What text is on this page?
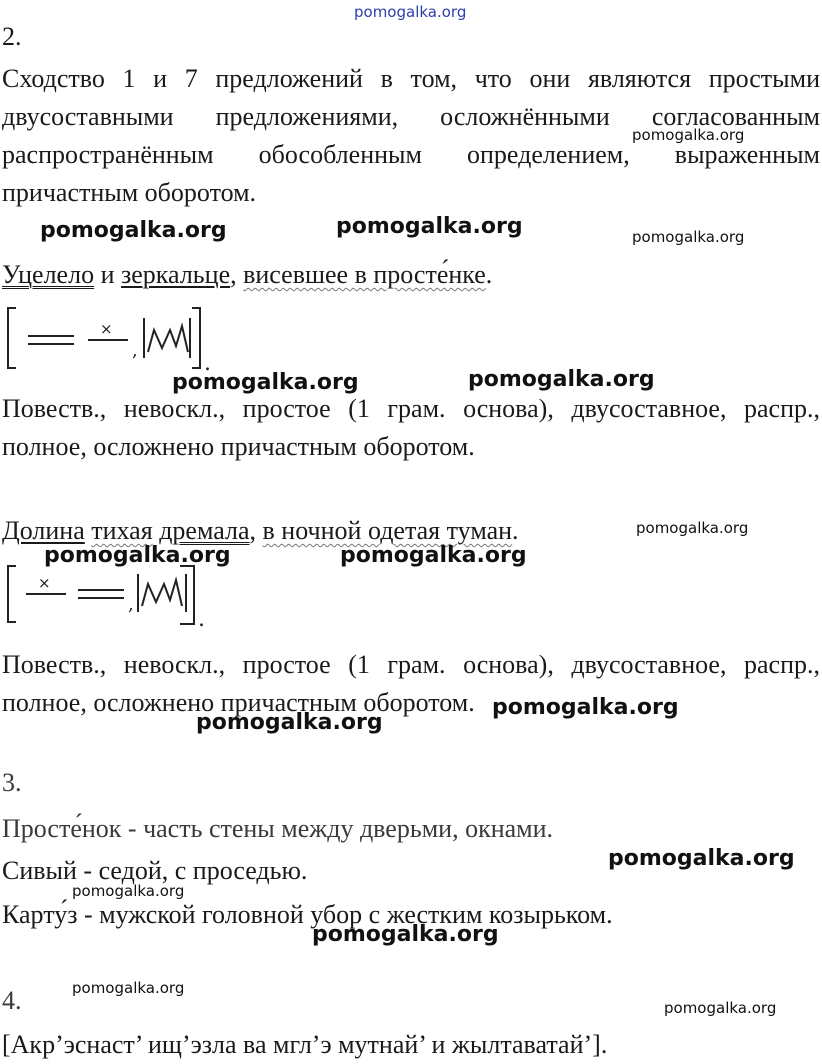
pomogalka.org
2.
Сходство 1 и 7 предложений в том, что они являются простыми
двусоставными предложениями, осложнёнными согласованным
распространённым обособленным определением, выраженным
причастным оборотом.
Уцелело и зеркальце, висевшее в просте́нке.
×
,
.
Повеств., невоскл., простое (1 грам. основа), двусоставное, распр.,
полное, осложнено причастным оборотом.
Долина тихая дремала, в ночной одетая туман.
×
,
.
Повеств., невоскл., простое (1 грам. основа), двусоставное, распр.,
полное, осложнено причастным оборотом.
3.
Просте́нок - часть стены между дверьми, окнами.
Сивый - седой, с проседью.
Карту́з - мужской головной убор с жестким козырьком.
4.
[Акр’эснаст’ ищ’эзла ва мгл’э мутнай’ и жылтаватай’].
pomogalka.org
pomogalka.org	pomogalka.org	pomogalka.org
pomogalka.org	pomogalka.org
pomogalka.org
pomogalka.org	pomogalka.org
pomogalka.org
pomogalka.org
pomogalka.org
pomogalka.org
pomogalka.org
pomogalka.org
pomogalka.org
